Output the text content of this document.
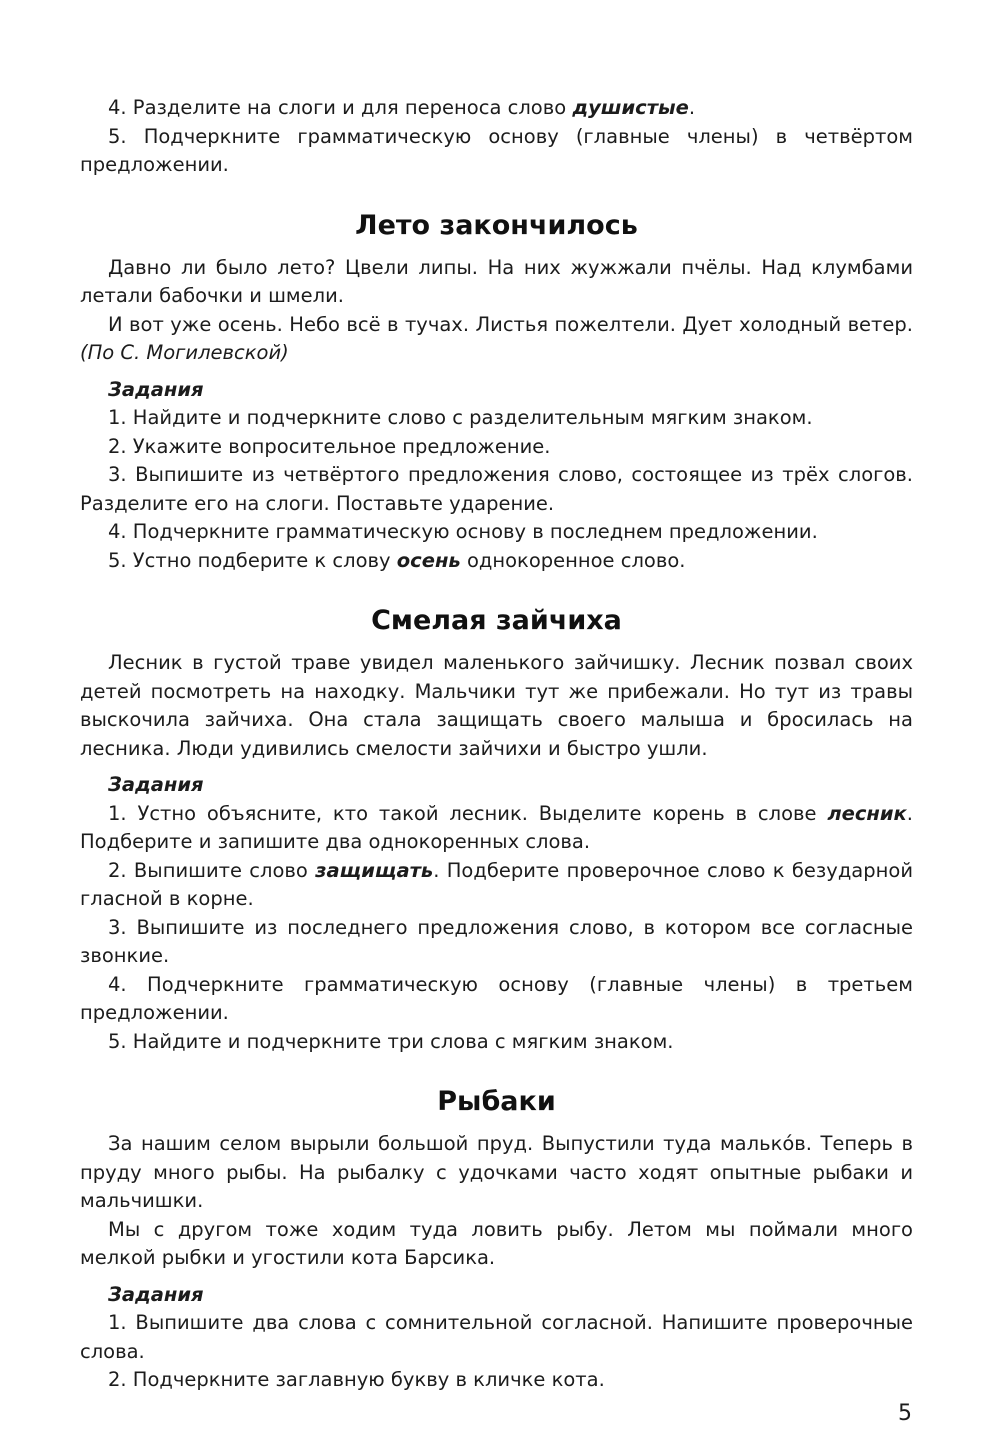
4. Разделите на слоги и для переноса слово душистые.

5. Подчеркните грамматическую основу (главные члены) в четвёртом предложении.

Лето закончилось

Давно ли было лето? Цвели липы. На них жужжали пчёлы. Над клумбами летали бабочки и шмели.

И вот уже осень. Небо всё в тучах. Листья пожелтели. Дует холодный ветер. (По С. Могилевской)

Задания

1. Найдите и подчеркните слово с разделительным мягким знаком.

2. Укажите вопросительное предложение.

3. Выпишите из четвёртого предложения слово, состоящее из трёх слогов. Разделите его на слоги. Поставьте ударение.

4. Подчеркните грамматическую основу в последнем предложении.

5. Устно подберите к слову осень однокоренное слово.

Смелая зайчиха

Лесник в густой траве увидел маленького зайчишку. Лесник позвал своих детей посмотреть на находку. Мальчики тут же прибежали. Но тут из травы выскочила зайчиха. Она стала защищать своего малыша и бросилась на лесника. Люди удивились смелости зайчихи и быстро ушли.

Задания

1. Устно объясните, кто такой лесник. Выделите корень в слове лесник. Подберите и запишите два однокоренных слова.

2. Выпишите слово защищать. Подберите проверочное слово к безударной гласной в корне.

3. Выпишите из последнего предложения слово, в котором все согласные звонкие.

4. Подчеркните грамматическую основу (главные члены) в третьем предложении.

5. Найдите и подчеркните три слова с мягким знаком.

Рыбаки

За нашим селом вырыли большой пруд. Выпустили туда малькóв. Теперь в пруду много рыбы. На рыбалку с удочками часто ходят опытные рыбаки и мальчишки.

Мы с другом тоже ходим туда ловить рыбу. Летом мы поймали много мелкой рыбки и угостили кота Барсика.

Задания

1. Выпишите два слова с сомнительной согласной. Напишите проверочные слова.

2. Подчеркните заглавную букву в кличке кота.

5
